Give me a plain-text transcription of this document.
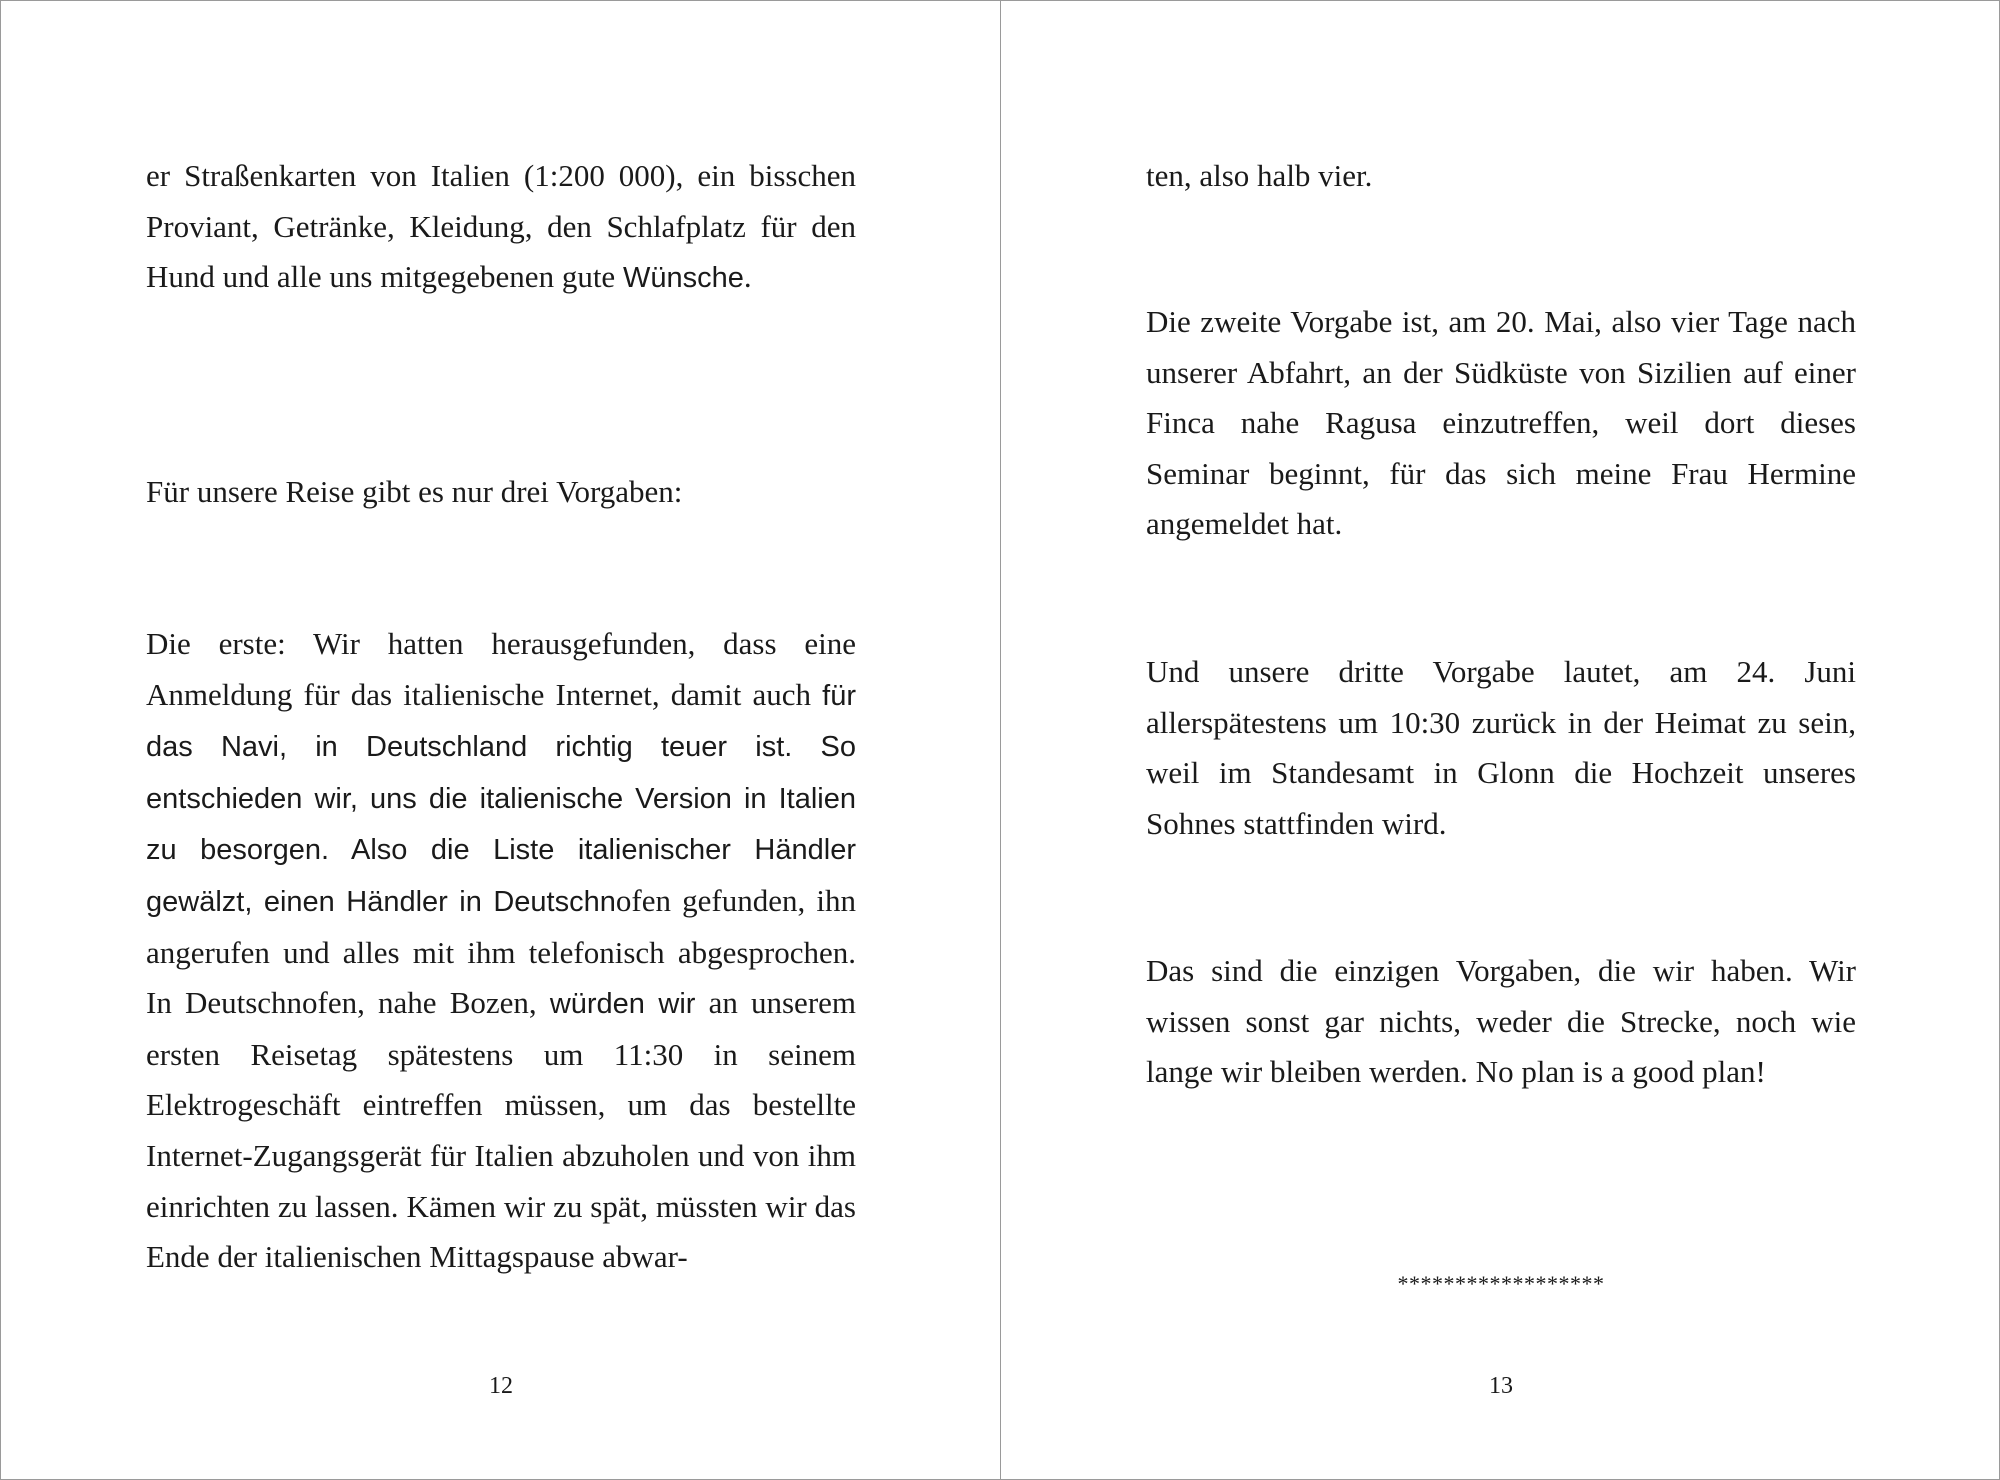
er Straßenkarten von Italien (1:200 000), ein bisschen Proviant, Getränke, Kleidung, den Schlafplatz für den Hund und alle uns mitgegebenen gute Wünsche.

Für unsere Reise gibt es nur drei Vorgaben:

Die erste: Wir hatten herausgefunden, dass eine Anmeldung für das italienische Internet, damit auch für das Navi, in Deutschland richtig teuer ist. So entschieden wir, uns die italienische Version in Italien zu besorgen. Also die Liste italienischer Händler gewälzt, einen Händler in Deutschnofen gefunden, ihn angerufen und alles mit ihm telefonisch abgesprochen. In Deutschnofen, nahe Bozen, würden wir an unserem ersten Reisetag spätestens um 11:30 in seinem Elektrogeschäft eintreffen müssen, um das bestellte Internet-Zugangsgerät für Italien abzuholen und von ihm einrichten zu lassen. Kämen wir zu spät, müssten wir das Ende der italienischen Mittagspause abwar-

12

ten, also halb vier.

Die zweite Vorgabe ist, am 20. Mai, also vier Tage nach unserer Abfahrt, an der Südküste von Sizilien auf einer Finca nahe Ragusa einzutreffen, weil dort dieses Seminar beginnt, für das sich meine Frau Hermine angemeldet hat.

Und unsere dritte Vorgabe lautet, am 24. Juni allerspätestens um 10:30 zurück in der Heimat zu sein, weil im Standesamt in Glonn die Hochzeit unseres Sohnes stattfinden wird.

Das sind die einzigen Vorgaben, die wir haben. Wir wissen sonst gar nichts, weder die Strecke, noch wie lange wir bleiben werden. No plan is a good plan!

******************
13
